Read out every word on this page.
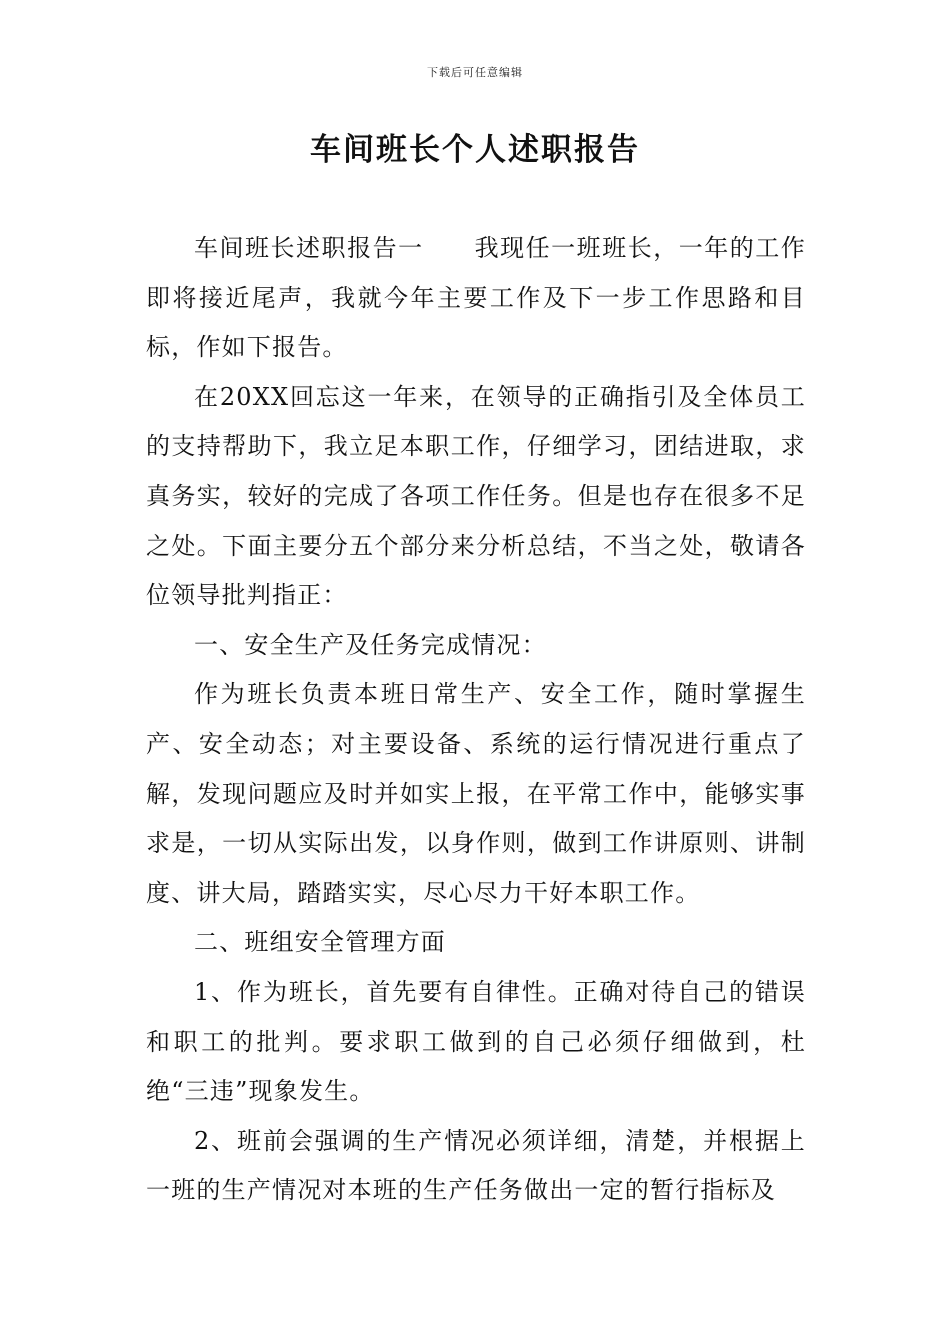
下载后可任意编辑
车间班长个人述职报告

车间班长述职报告一　　我现任一班班长，一年的工作即将接近尾声，我就今年主要工作及下一步工作思路和目标，作如下报告。

在20XX回忘这一年来，在领导的正确指引及全体员工的支持帮助下，我立足本职工作，仔细学习，团结进取，求真务实，较好的完成了各项工作任务。但是也存在很多不足之处。下面主要分五个部分来分析总结，不当之处，敬请各位领导批判指正：

一、安全生产及任务完成情况：

作为班长负责本班日常生产、安全工作，随时掌握生产、安全动态；对主要设备、系统的运行情况进行重点了解，发现问题应及时并如实上报，在平常工作中，能够实事求是，一切从实际出发，以身作则，做到工作讲原则、讲制度、讲大局，踏踏实实，尽心尽力干好本职工作。

二、班组安全管理方面

1、作为班长，首先要有自律性。正确对待自己的错误和职工的批判。要求职工做到的自己必须仔细做到，杜绝“三违”现象发生。

2、班前会强调的生产情况必须详细，清楚，并根据上一班的生产情况对本班的生产任务做出一定的暂行指标及
